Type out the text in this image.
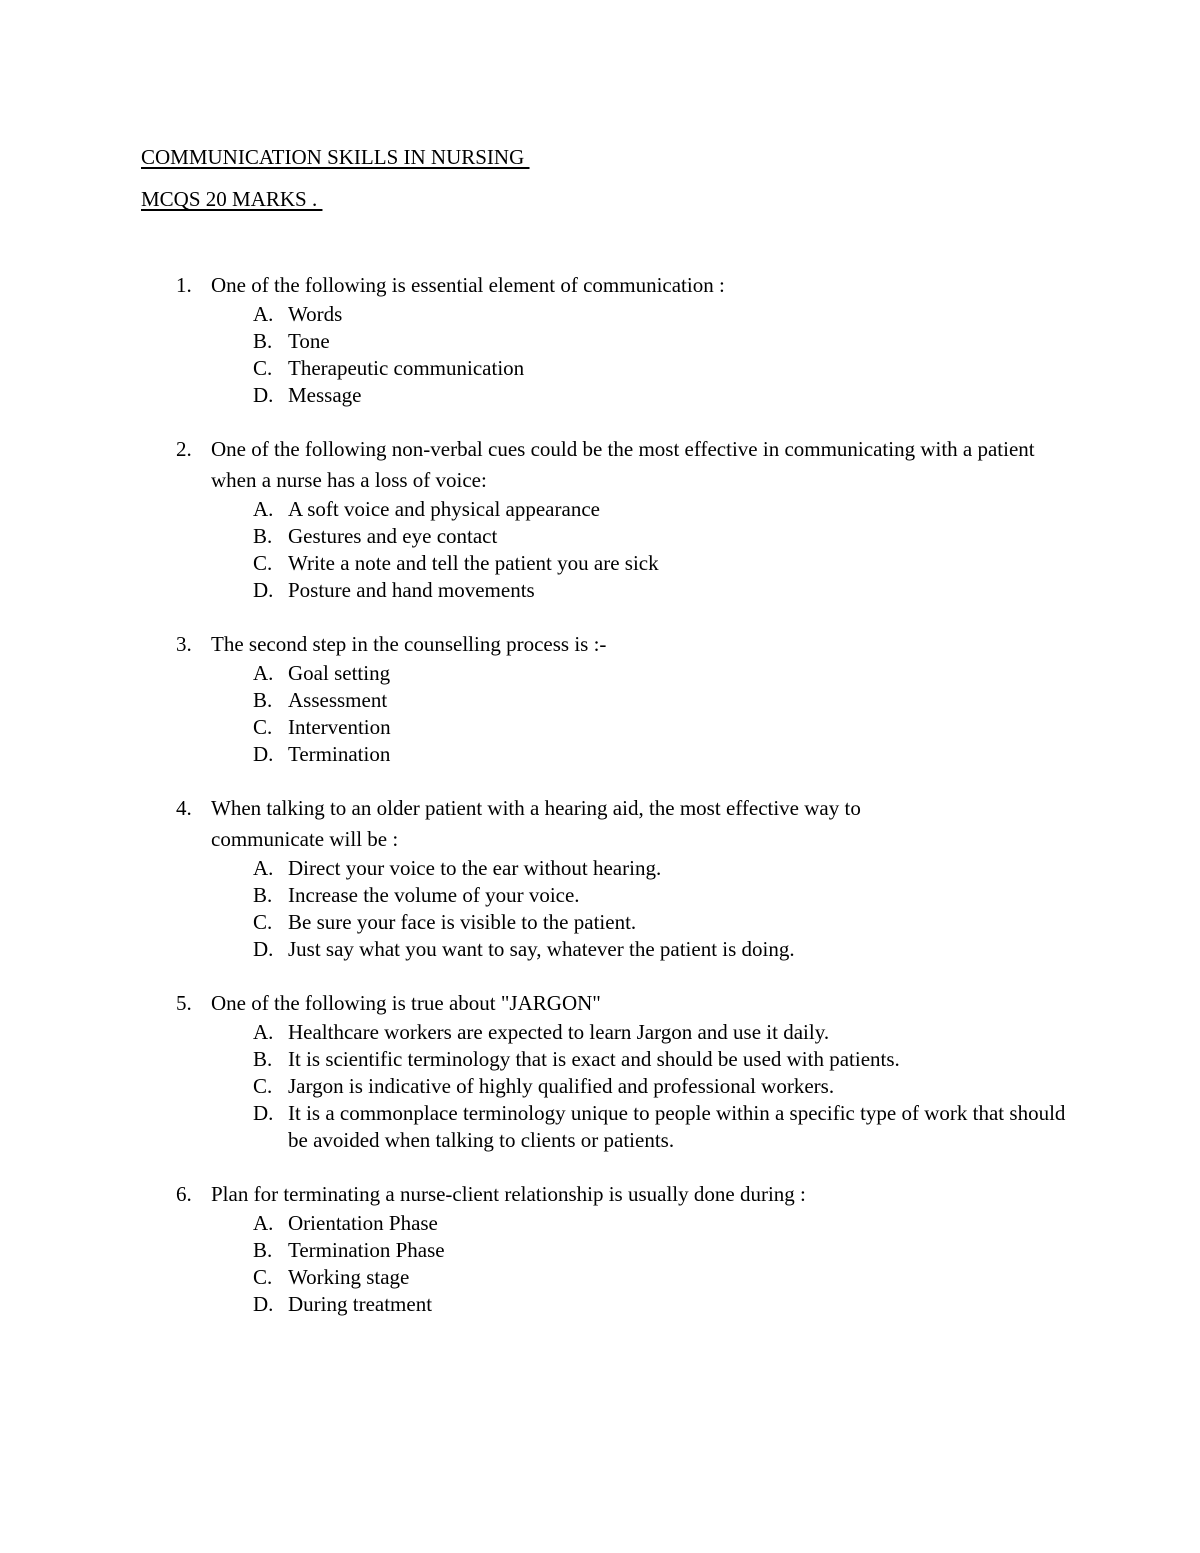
COMMUNICATION SKILLS IN NURSING
MCQS 20 MARKS .
1. One of the following is essential element of communication :
A. Words
B. Tone
C. Therapeutic communication
D. Message
2. One of the following non-verbal cues could be the most effective in communicating with a patient when a nurse has a loss of voice:
A. A soft voice and physical appearance
B. Gestures and eye contact
C. Write a note and tell the patient you are sick
D. Posture and hand movements
3. The second step in the counselling process is :-
A. Goal setting
B. Assessment
C. Intervention
D. Termination
4. When talking to an older patient with a hearing aid, the most effective way to communicate will be :
A. Direct your voice to the ear without hearing.
B. Increase the volume of your voice.
C. Be sure your face is visible to the patient.
D. Just say what you want to say, whatever the patient is doing.
5. One of the following is true about "JARGON"
A. Healthcare workers are expected to learn Jargon and use it daily.
B. It is scientific terminology that is exact and should be used with patients.
C. Jargon is indicative of highly qualified and professional workers.
D. It is a commonplace terminology unique to people within a specific type of work that should be avoided when talking to clients or patients.
6. Plan for terminating a nurse-client relationship is usually done during :
A. Orientation Phase
B. Termination Phase
C. Working stage
D. During treatment
